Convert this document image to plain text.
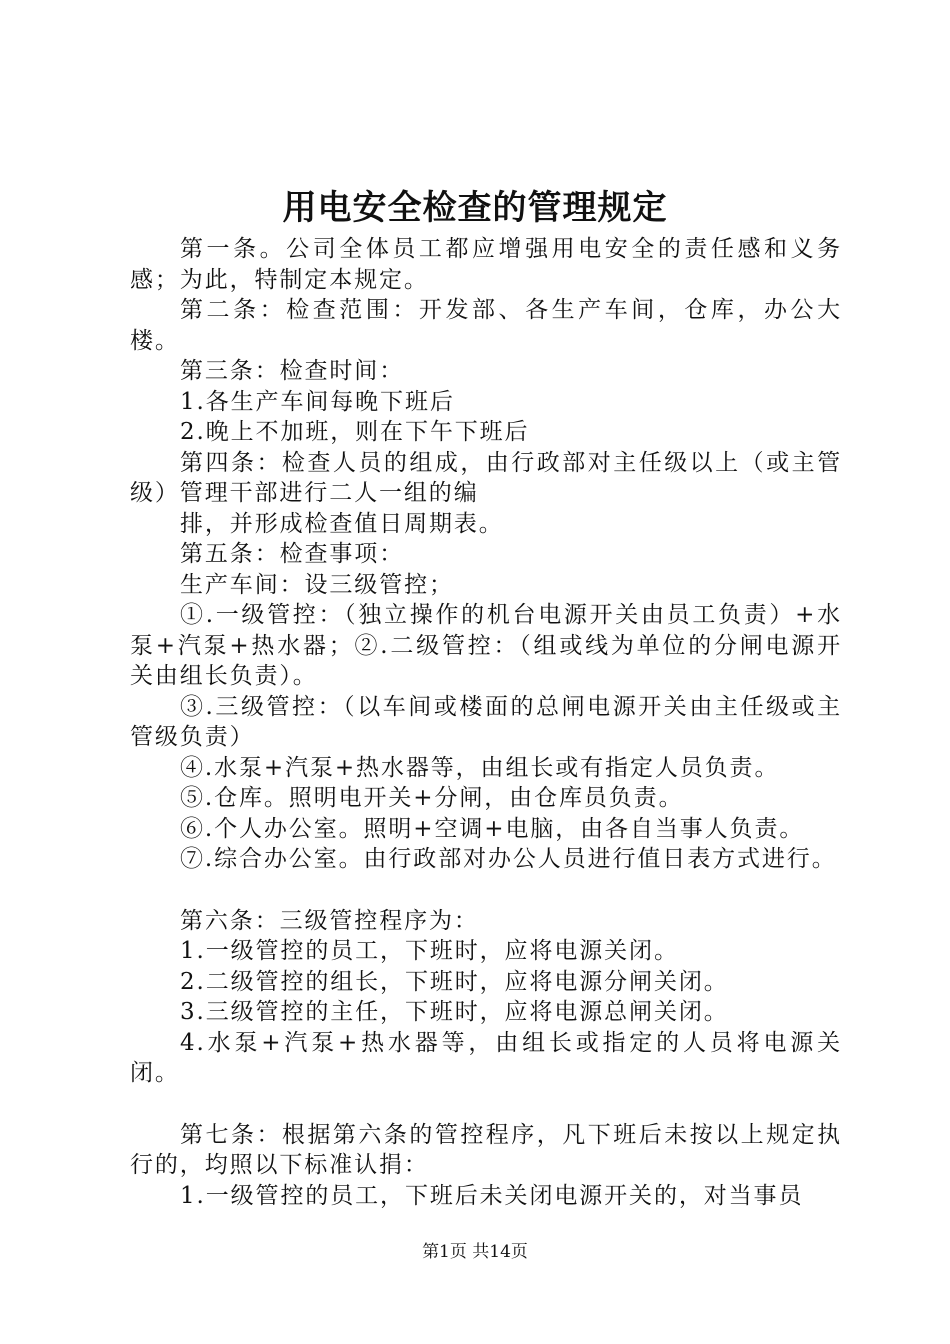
用电安全检查的管理规定

第一条。公司全体员工都应增强用电安全的责任感和义务感；为此，特制定本规定。

第二条：检查范围：开发部、各生产车间，仓库，办公大楼。

第三条：检查时间：

1.各生产车间每晚下班后

2.晚上不加班，则在下午下班后

第四条：检查人员的组成，由行政部对主任级以上（或主管级）管理干部进行二人一组的编

排，并形成检查值日周期表。

第五条：检查事项：

生产车间：设三级管控；

①.一级管控：（独立操作的机台电源开关由员工负责）+水泵+汽泵+热水器；②.二级管控：（组或线为单位的分闸电源开关由组长负责）。

③.三级管控：（以车间或楼面的总闸电源开关由主任级或主管级负责）

④.水泵+汽泵+热水器等，由组长或有指定人员负责。

⑤.仓库。照明电开关+分闸，由仓库员负责。

⑥.个人办公室。照明+空调+电脑，由各自当事人负责。

⑦.综合办公室。由行政部对办公人员进行值日表方式进行。

第六条：三级管控程序为：

1.一级管控的员工，下班时，应将电源关闭。

2.二级管控的组长，下班时，应将电源分闸关闭。

3.三级管控的主任，下班时，应将电源总闸关闭。

4.水泵+汽泵+热水器等，由组长或指定的人员将电源关闭。

第七条：根据第六条的管控程序，凡下班后未按以上规定执行的，均照以下标准认捐：

1.一级管控的员工，下班后未关闭电源开关的，对当事员

第1页 共14页
